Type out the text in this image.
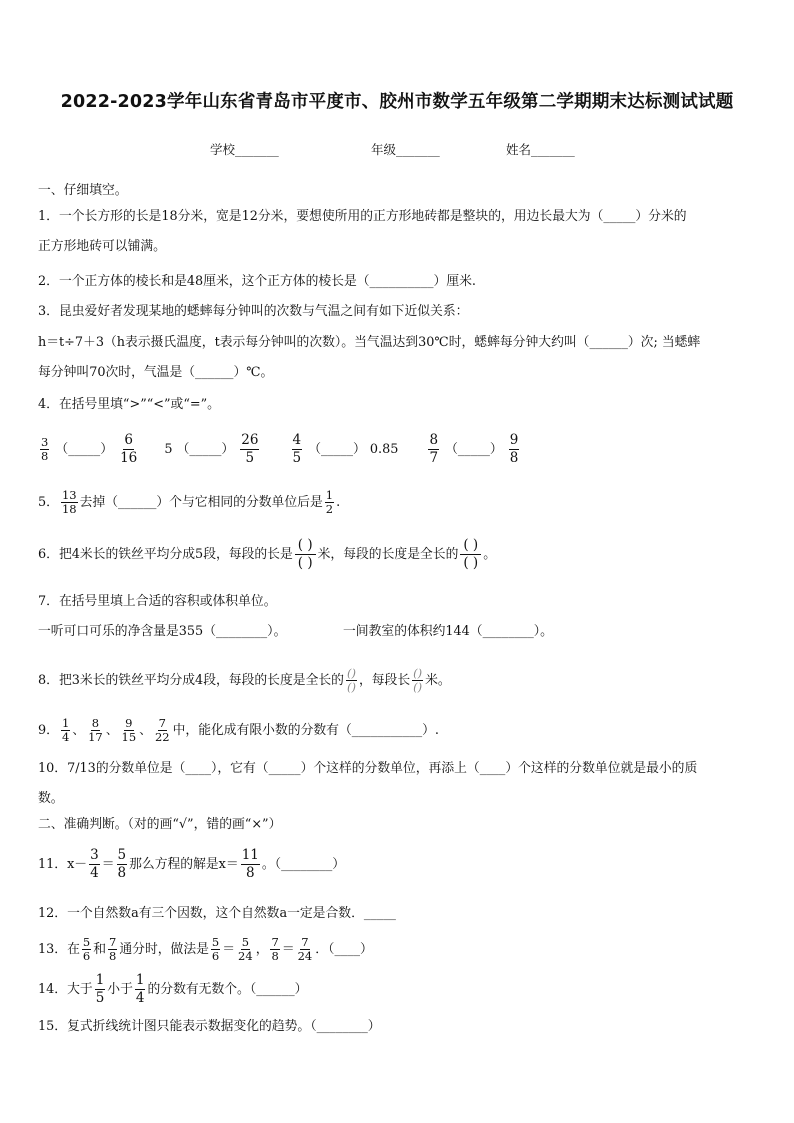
2022-2023学年山东省青岛市平度市、胶州市数学五年级第二学期期末达标测试试题
学校_______	年级_______	姓名_______
一、仔细填空。
1．一个长方形的长是18分米，宽是12分米，要想使所用的正方形地砖都是整块的，用边长最大为（_____）分米的
正方形地砖可以铺满。
2．一个正方体的棱长和是48厘米，这个正方体的棱长是（__________）厘米.
3．昆虫爱好者发现某地的蟋蟀每分钟叫的次数与气温之间有如下近似关系：
h＝t÷7＋3（h表示摄氏温度，t表示每分钟叫的次数）。当气温达到30℃时，蟋蟀每分钟大约叫（______）次; 当蟋蟀
每分钟叫70次时，气温是（______）℃。
4．在括号里填“>”“<”或“=”。
$\frac{3}{8}$ （_____） $\frac{6}{16} 5$ （_____） $\frac{26}{5}$
$\frac{4}{5}$ （_____） $0.85 \frac{8}{7}$ （_____） $\frac{9}{8}$
5． $\frac{13}{18}$ 去掉（______）个与它相同的分数单位后是 $\frac{1}{2}$ .
6．把4米长的铁丝平均分成5段，每段的长是 $\frac{( )}{( )}$ 米，每段的长度是全长的 $\frac{( )}{( )}$ 。
7．在括号里填上合适的容积或体积单位。
一听可口可乐的净含量是355（________）。	一间教室的体积约144（________）。
8．把3米长的铁丝平均分成4段，每段的长度是全长的 $\frac{()}{()}$ ，每段长 $\frac{()}{()}$ 米。
9． $\frac{1}{4}$ 、 $\frac{8}{17}$ 、 $\frac{9}{15}$ 、 $\frac{7}{22}$ 中，能化成有限小数的分数有（___________）.
10．7/13的分数单位是（____），它有（_____）个这样的分数单位，再添上（____）个这样的分数单位就是最小的质
数。
二、准确判断。（对的画“√”，错的画“×”）
11．$x- \frac{3}{4} = \frac{5}{8}$ 那么方程的解是$x= \frac{11}{8}$ 。（________）
12．一个自然数a有三个因数，这个自然数a一定是合数．_____
13．在 $\frac{5}{6}$ 和 $\frac{7}{8}$ 通分时，做法是 $\frac{5}{6} = \frac{5}{24}$ ， $\frac{7}{8} = \frac{7}{24}$ ．（____）
14．大于 $\frac{1}{5}$ 小于 $\frac{1}{4}$ 的分数有无数个。（______）
15．复式折线统计图只能表示数据变化的趋势。（________）
